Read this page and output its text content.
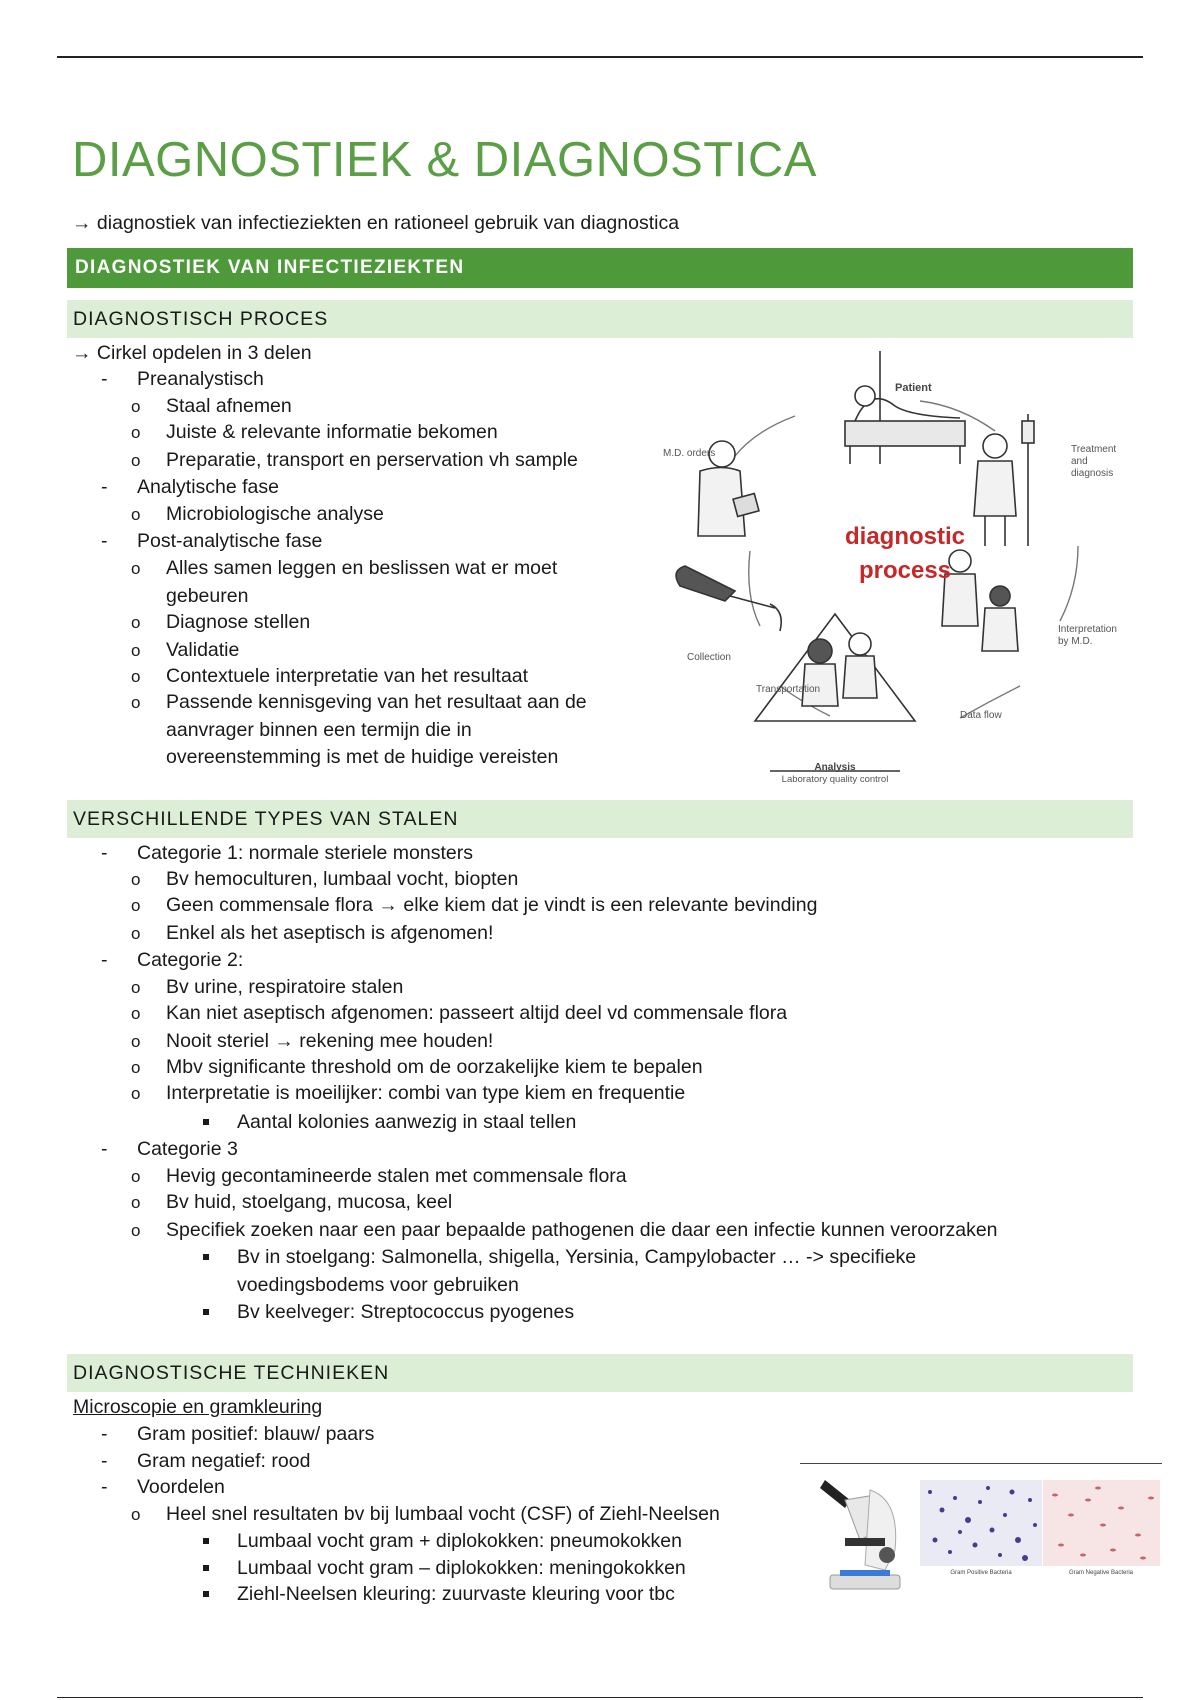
DIAGNOSTIEK & DIAGNOSTICA
→ diagnostiek van infectieziekten en rationeel gebruik van diagnostica
DIAGNOSTIEK VAN INFECTIEZIEKTEN
DIAGNOSTISCH PROCES
→ Cirkel opdelen in 3 delen
- Preanalystisch
o Staal afnemen
o Juiste & relevante informatie bekomen
o Preparatie, transport en perservation vh sample
- Analytische fase
o Microbiologische analyse
- Post-analytische fase
o Alles samen leggen en beslissen wat er moet
gebeuren
o Diagnose stellen
o Validatie
o Contextuele interpretatie van het resultaat
o Passende kennisgeving van het resultaat aan de
aanvrager binnen een termijn die in
overeenstemming is met de huidige vereisten
diagnostic
process
Patient
M.D. orders	Treatment
and
diagnosis
Interpretation
by M.D.
Collection
Transportation
Data flow
Analysis
Laboratory quality control
VERSCHILLENDE TYPES VAN STALEN
- Categorie 1: normale steriele monsters
o Bv hemoculturen, lumbaal vocht, biopten
o Geen commensale flora → elke kiem dat je vindt is een relevante bevinding
o Enkel als het aseptisch is afgenomen!
- Categorie 2:
o Bv urine, respiratoire stalen
o Kan niet aseptisch afgenomen: passeert altijd deel vd commensale flora
o Nooit steriel → rekening mee houden!
o Mbv significante threshold om de oorzakelijke kiem te bepalen
o Interpretatie is moeilijker: combi van type kiem en frequentie
Aantal kolonies aanwezig in staal tellen
- Categorie 3
o Hevig gecontamineerde stalen met commensale flora
o Bv huid, stoelgang, mucosa, keel
o Specifiek zoeken naar een paar bepaalde pathogenen die daar een infectie kunnen veroorzaken
Bv in stoelgang: Salmonella, shigella, Yersinia, Campylobacter … -> specifieke
voedingsbodems voor gebruiken
Bv keelveger: Streptococcus pyogenes
DIAGNOSTISCHE TECHNIEKEN
Microscopie en gramkleuring
- Gram positief: blauw/ paars
- Gram negatief: rood
- Voordelen
o Heel snel resultaten bv bij lumbaal vocht (CSF) of Ziehl-Neelsen
Lumbaal vocht gram + diplokokken: pneumokokken
Lumbaal vocht gram – diplokokken: meningokokken
Ziehl-Neelsen kleuring: zuurvaste kleuring voor tbc
Gram Positive Bacteria	Gram Negative Bacteria
